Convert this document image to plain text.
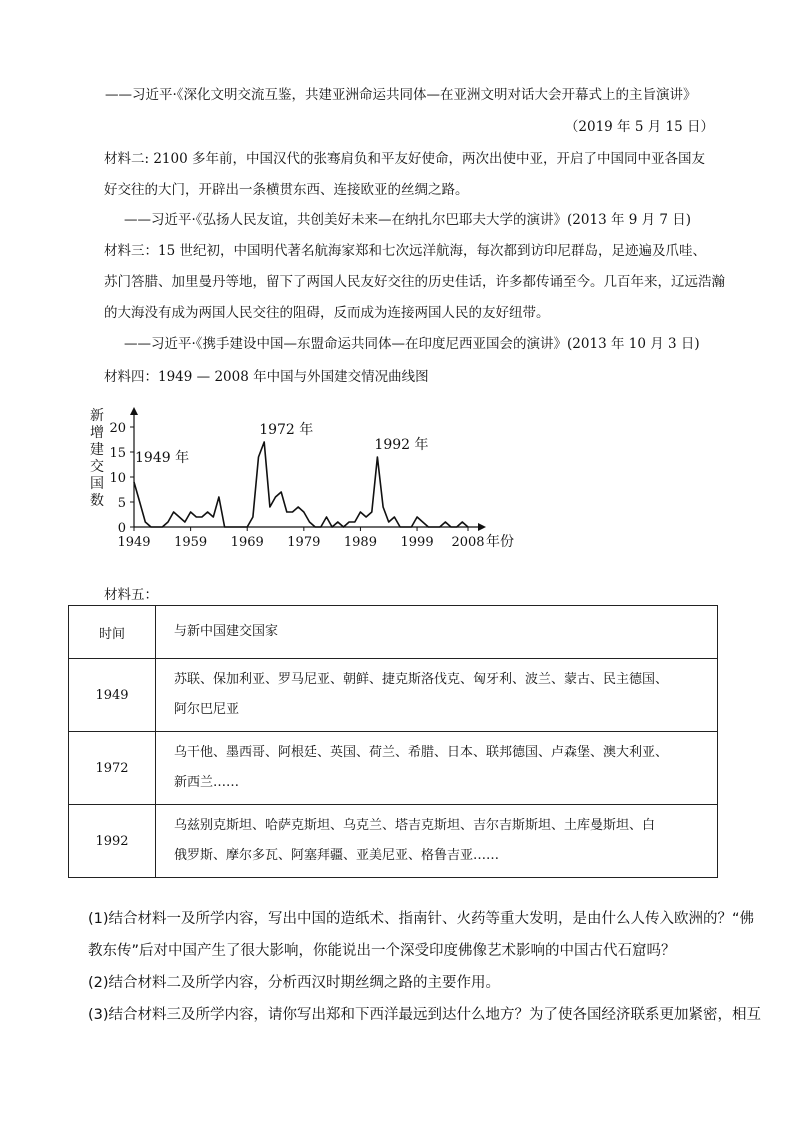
——习近平·《深化文明交流互鉴，共建亚洲命运共同体—在亚洲文明对话大会开幕式上的主旨演讲》
（2019 年 5 月 15 日）
材料二: 2100 多年前，中国汉代的张骞肩负和平友好使命，两次出使中亚，开启了中国同中亚各国友
好交往的大门，开辟出一条横贯东西、连接欧亚的丝绸之路。
——习近平·《弘扬人民友谊，共创美好未来—在纳扎尔巴耶夫大学的演讲》(2013 年 9 月 7 日)
材料三：15 世纪初，中国明代著名航海家郑和七次远洋航海，每次都到访印尼群岛，足迹遍及爪哇、
苏门答腊、加里曼丹等地，留下了两国人民友好交往的历史佳话，许多都传诵至今。几百年来，辽远浩瀚
的大海没有成为两国人民交往的阻碍，反而成为连接两国人民的友好纽带。
——习近平·《携手建设中国—东盟命运共同体—在印度尼西亚国会的演讲》(2013 年 10 月 3 日)
材料四：1949 — 2008 年中国与外国建交情况曲线图
0
5
10
15
20
1949 1959 1969 1979 1989 1999 2008 年份
新
增
建
交
国
数
1949 年
1972 年
1992 年
材料五：
时间	与新中国建交国家
1949	苏联、保加利亚、罗马尼亚、朝鲜、捷克斯洛伐克、匈牙利、波兰、蒙古、民主德国、
阿尔巴尼亚

1972	乌干他、墨西哥、阿根廷、英国、荷兰、希腊、日本、联邦德国、卢森堡、澳大利亚、
新西兰……

1992	乌兹别克斯坦、哈萨克斯坦、乌克兰、塔吉克斯坦、吉尔吉斯斯坦、土库曼斯坦、白
俄罗斯、摩尔多瓦、阿塞拜疆、亚美尼亚、格鲁吉亚……
(1)结合材料一及所学内容，写出中国的造纸术、指南针、火药等重大发明，是由什么人传入欧洲的？“佛
教东传”后对中国产生了很大影响，你能说出一个深受印度佛像艺术影响的中国古代石窟吗？
(2)结合材料二及所学内容，分析西汉时期丝绸之路的主要作用。
(3)结合材料三及所学内容，请你写出郑和下西洋最远到达什么地方？为了使各国经济联系更加紧密，相互
